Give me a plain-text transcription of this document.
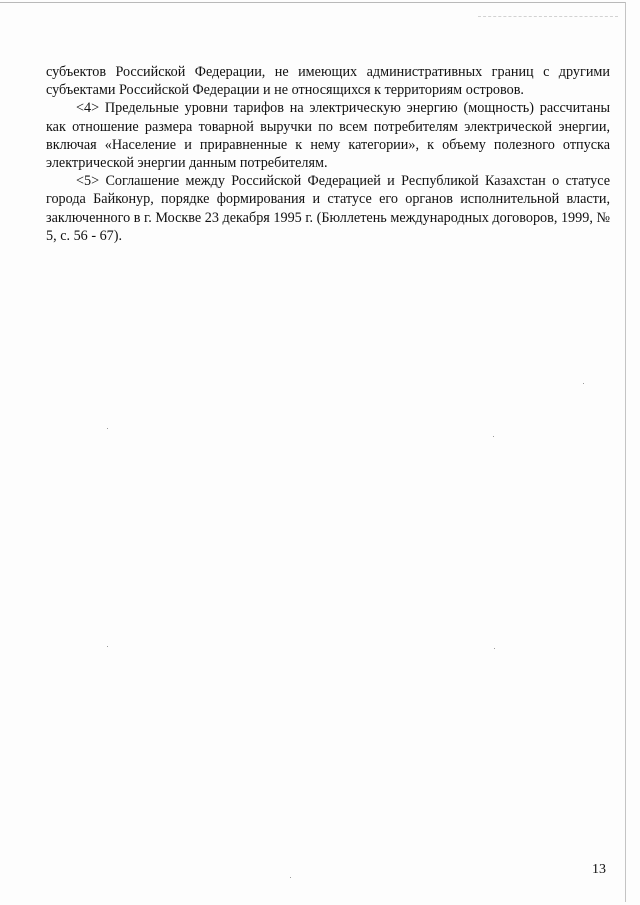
субъектов Российской Федерации, не имеющих административных границ с другими субъектами Российской Федерации и не относящихся к территориям островов.

<4> Предельные уровни тарифов на электрическую энергию (мощность) рассчитаны как отношение размера товарной выручки по всем потребителям электрической энергии, включая «Население и приравненные к нему категории», к объему полезного отпуска электрической энергии данным потребителям.

<5> Соглашение между Российской Федерацией и Республикой Казахстан о статусе города Байконур, порядке формирования и статусе его органов исполнительной власти, заключенного в г. Москве 23 декабря 1995 г. (Бюллетень международных договоров, 1999, № 5, с. 56 - 67).

13
